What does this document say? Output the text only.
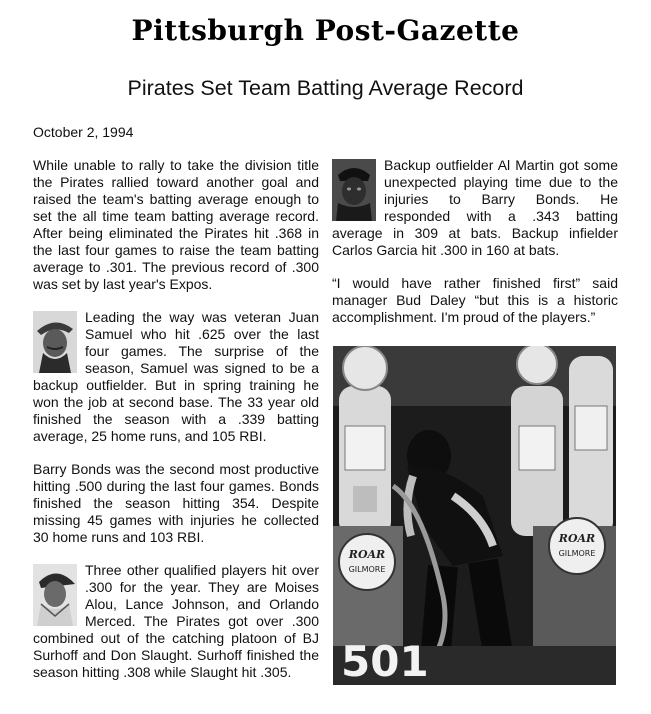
Pittsburgh Post-Gazette
Pirates Set Team Batting Average Record
October 2, 1994

While unable to rally to take the division title the Pirates rallied toward another goal and raised the team's batting average enough to set the all time team batting average record. After being eliminated the Pirates hit .368 in the last four games to raise the team batting average to .301. The previous record of .300 was set by last year's Expos.

Leading the way was veteran Juan Samuel who hit .625 over the last four games. The surprise of the season, Samuel was signed to be a backup outfielder. But in spring training he won the job at second base. The 33 year old finished the season with a .339 batting average, 25 home runs, and 105 RBI.

Barry Bonds was the second most productive hitting .500 during the last four games. Bonds finished the season hitting 354. Despite missing 45 games with injuries he collected 30 home runs and 103 RBI.

Three other qualified players hit over .300 for the year. They are Moises Alou, Lance Johnson, and Orlando Merced. The Pirates got over .300 combined out of the catching platoon of BJ Surhoff and Don Slaught. Surhoff finished the season hitting .308 while Slaught hit .305.

Backup outfielder Al Martin got some unexpected playing time due to the injuries to Barry Bonds. He responded with a .343 batting average in 309 at bats. Backup infielder Carlos Garcia hit .300 in 160 at bats.

“I would have rather finished first” said manager Bud Daley “but this is a historic accomplishment. I'm proud of the players.”

ROAR
GILMORE
ROAR
GILMORE
501
